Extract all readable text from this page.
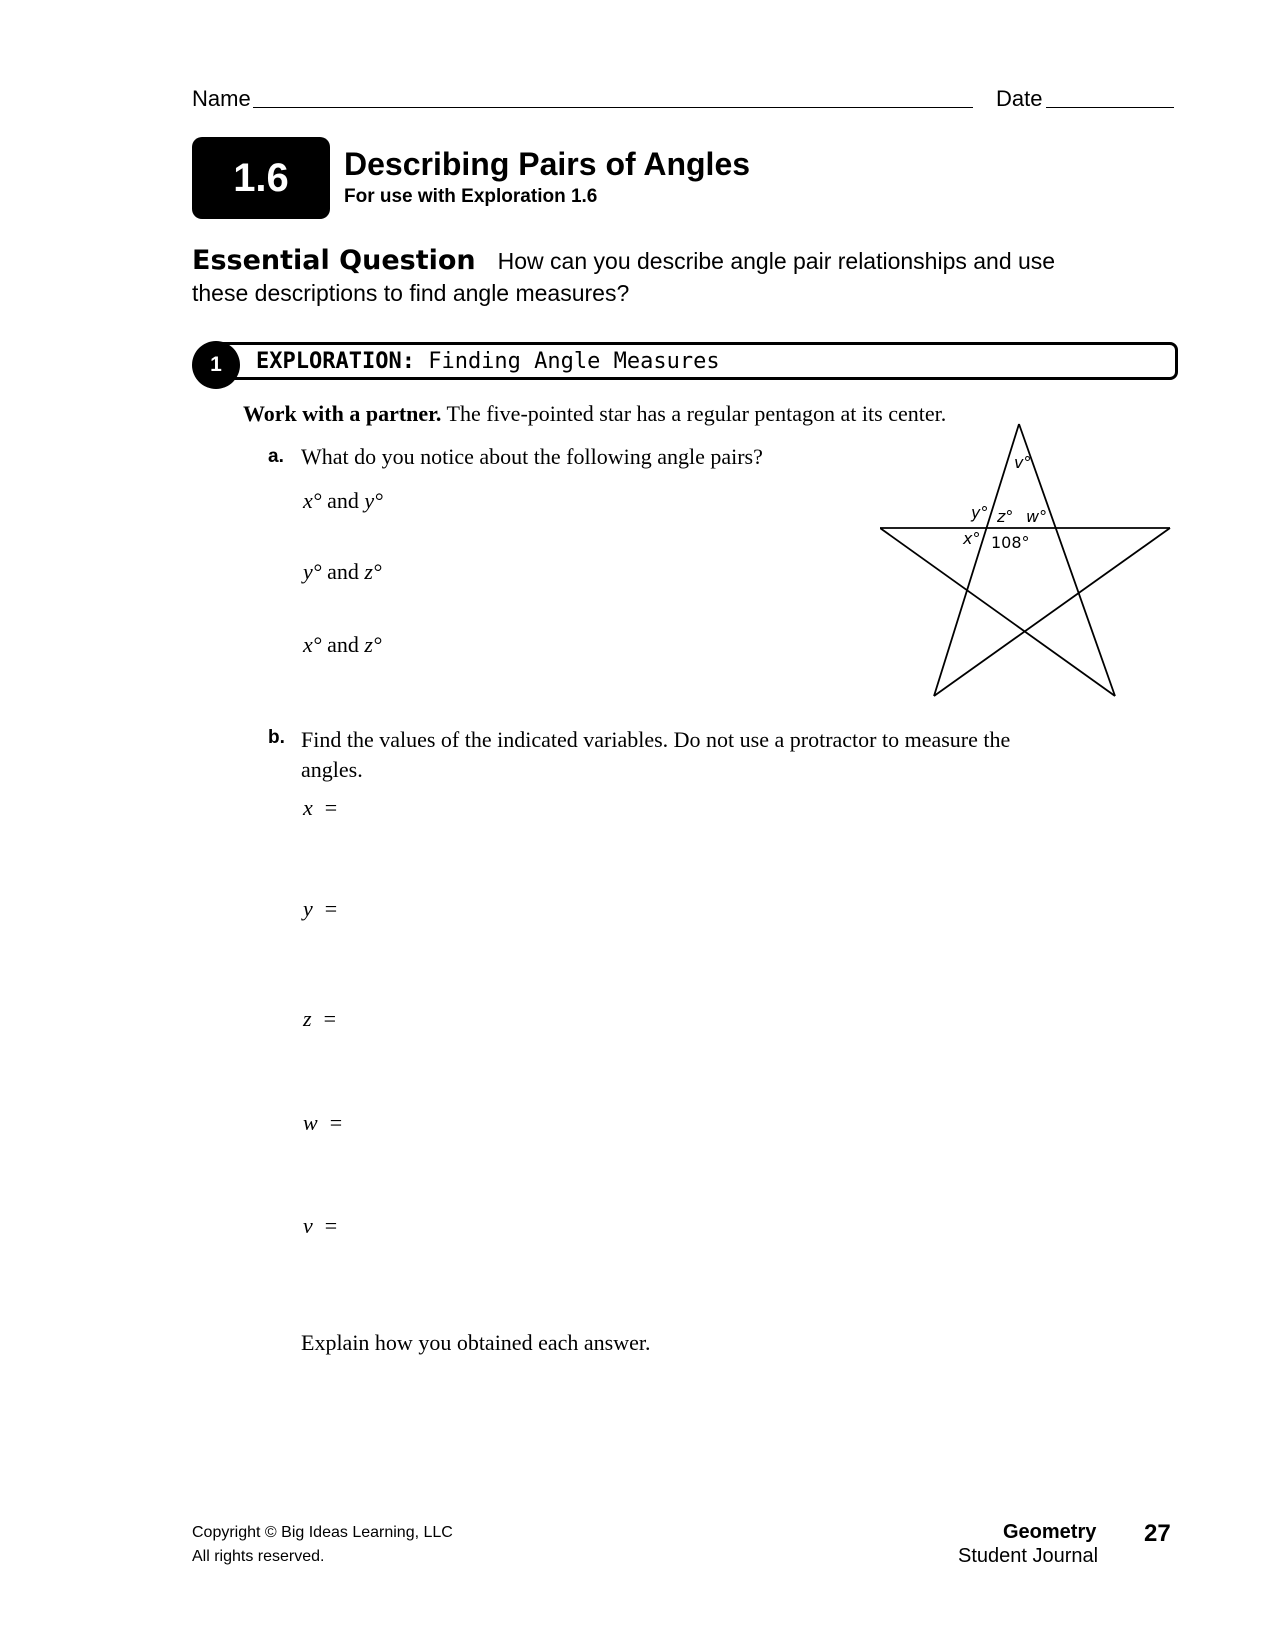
Name	Date
1.6	Describing Pairs of Angles
For use with Exploration 1.6
Essential Question How can you describe angle pair relationships and use these descriptions to find angle measures?
1	EXPLORATION: Finding Angle Measures
Work with a partner. The five-pointed star has a regular pentagon at its center.
a. What do you notice about the following angle pairs?
x° and y°
y° and z°
x° and z°
v°
y° z° w°
x° 108°
b. Find the values of the indicated variables. Do not use a protractor to measure the angles.
x =
y =
z =
w =
v =
Explain how you obtained each answer.
Copyright © Big Ideas Learning, LLC
All rights reserved.
Geometry
Student Journal
27
